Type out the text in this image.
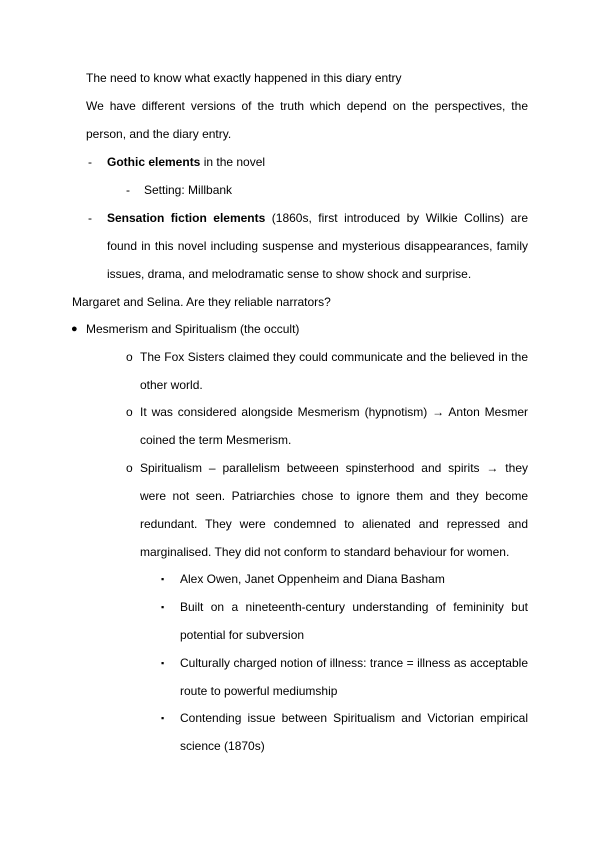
The need to know what exactly happened in this diary entry
We have different versions of the truth which depend on the perspectives, the person, and the diary entry.
- Gothic elements in the novel
- Setting: Millbank
- Sensation fiction elements (1860s, first introduced by Wilkie Collins) are found in this novel including suspense and mysterious disappearances, family issues, drama, and melodramatic sense to show shock and surprise.
Margaret and Selina. Are they reliable narrators?
● Mesmerism and Spiritualism (the occult)
o The Fox Sisters claimed they could communicate and the believed in the other world.
o It was considered alongside Mesmerism (hypnotism) → Anton Mesmer coined the term Mesmerism.
o Spiritualism – parallelism betweeen spinsterhood and spirits → they were not seen. Patriarchies chose to ignore them and they become redundant. They were condemned to alienated and repressed and marginalised. They did not conform to standard behaviour for women.
▪ Alex Owen, Janet Oppenheim and Diana Basham
▪ Built on a nineteenth-century understanding of femininity but potential for subversion
▪ Culturally charged notion of illness: trance = illness as acceptable route to powerful mediumship
▪ Contending issue between Spiritualism and Victorian empirical science (1870s)
